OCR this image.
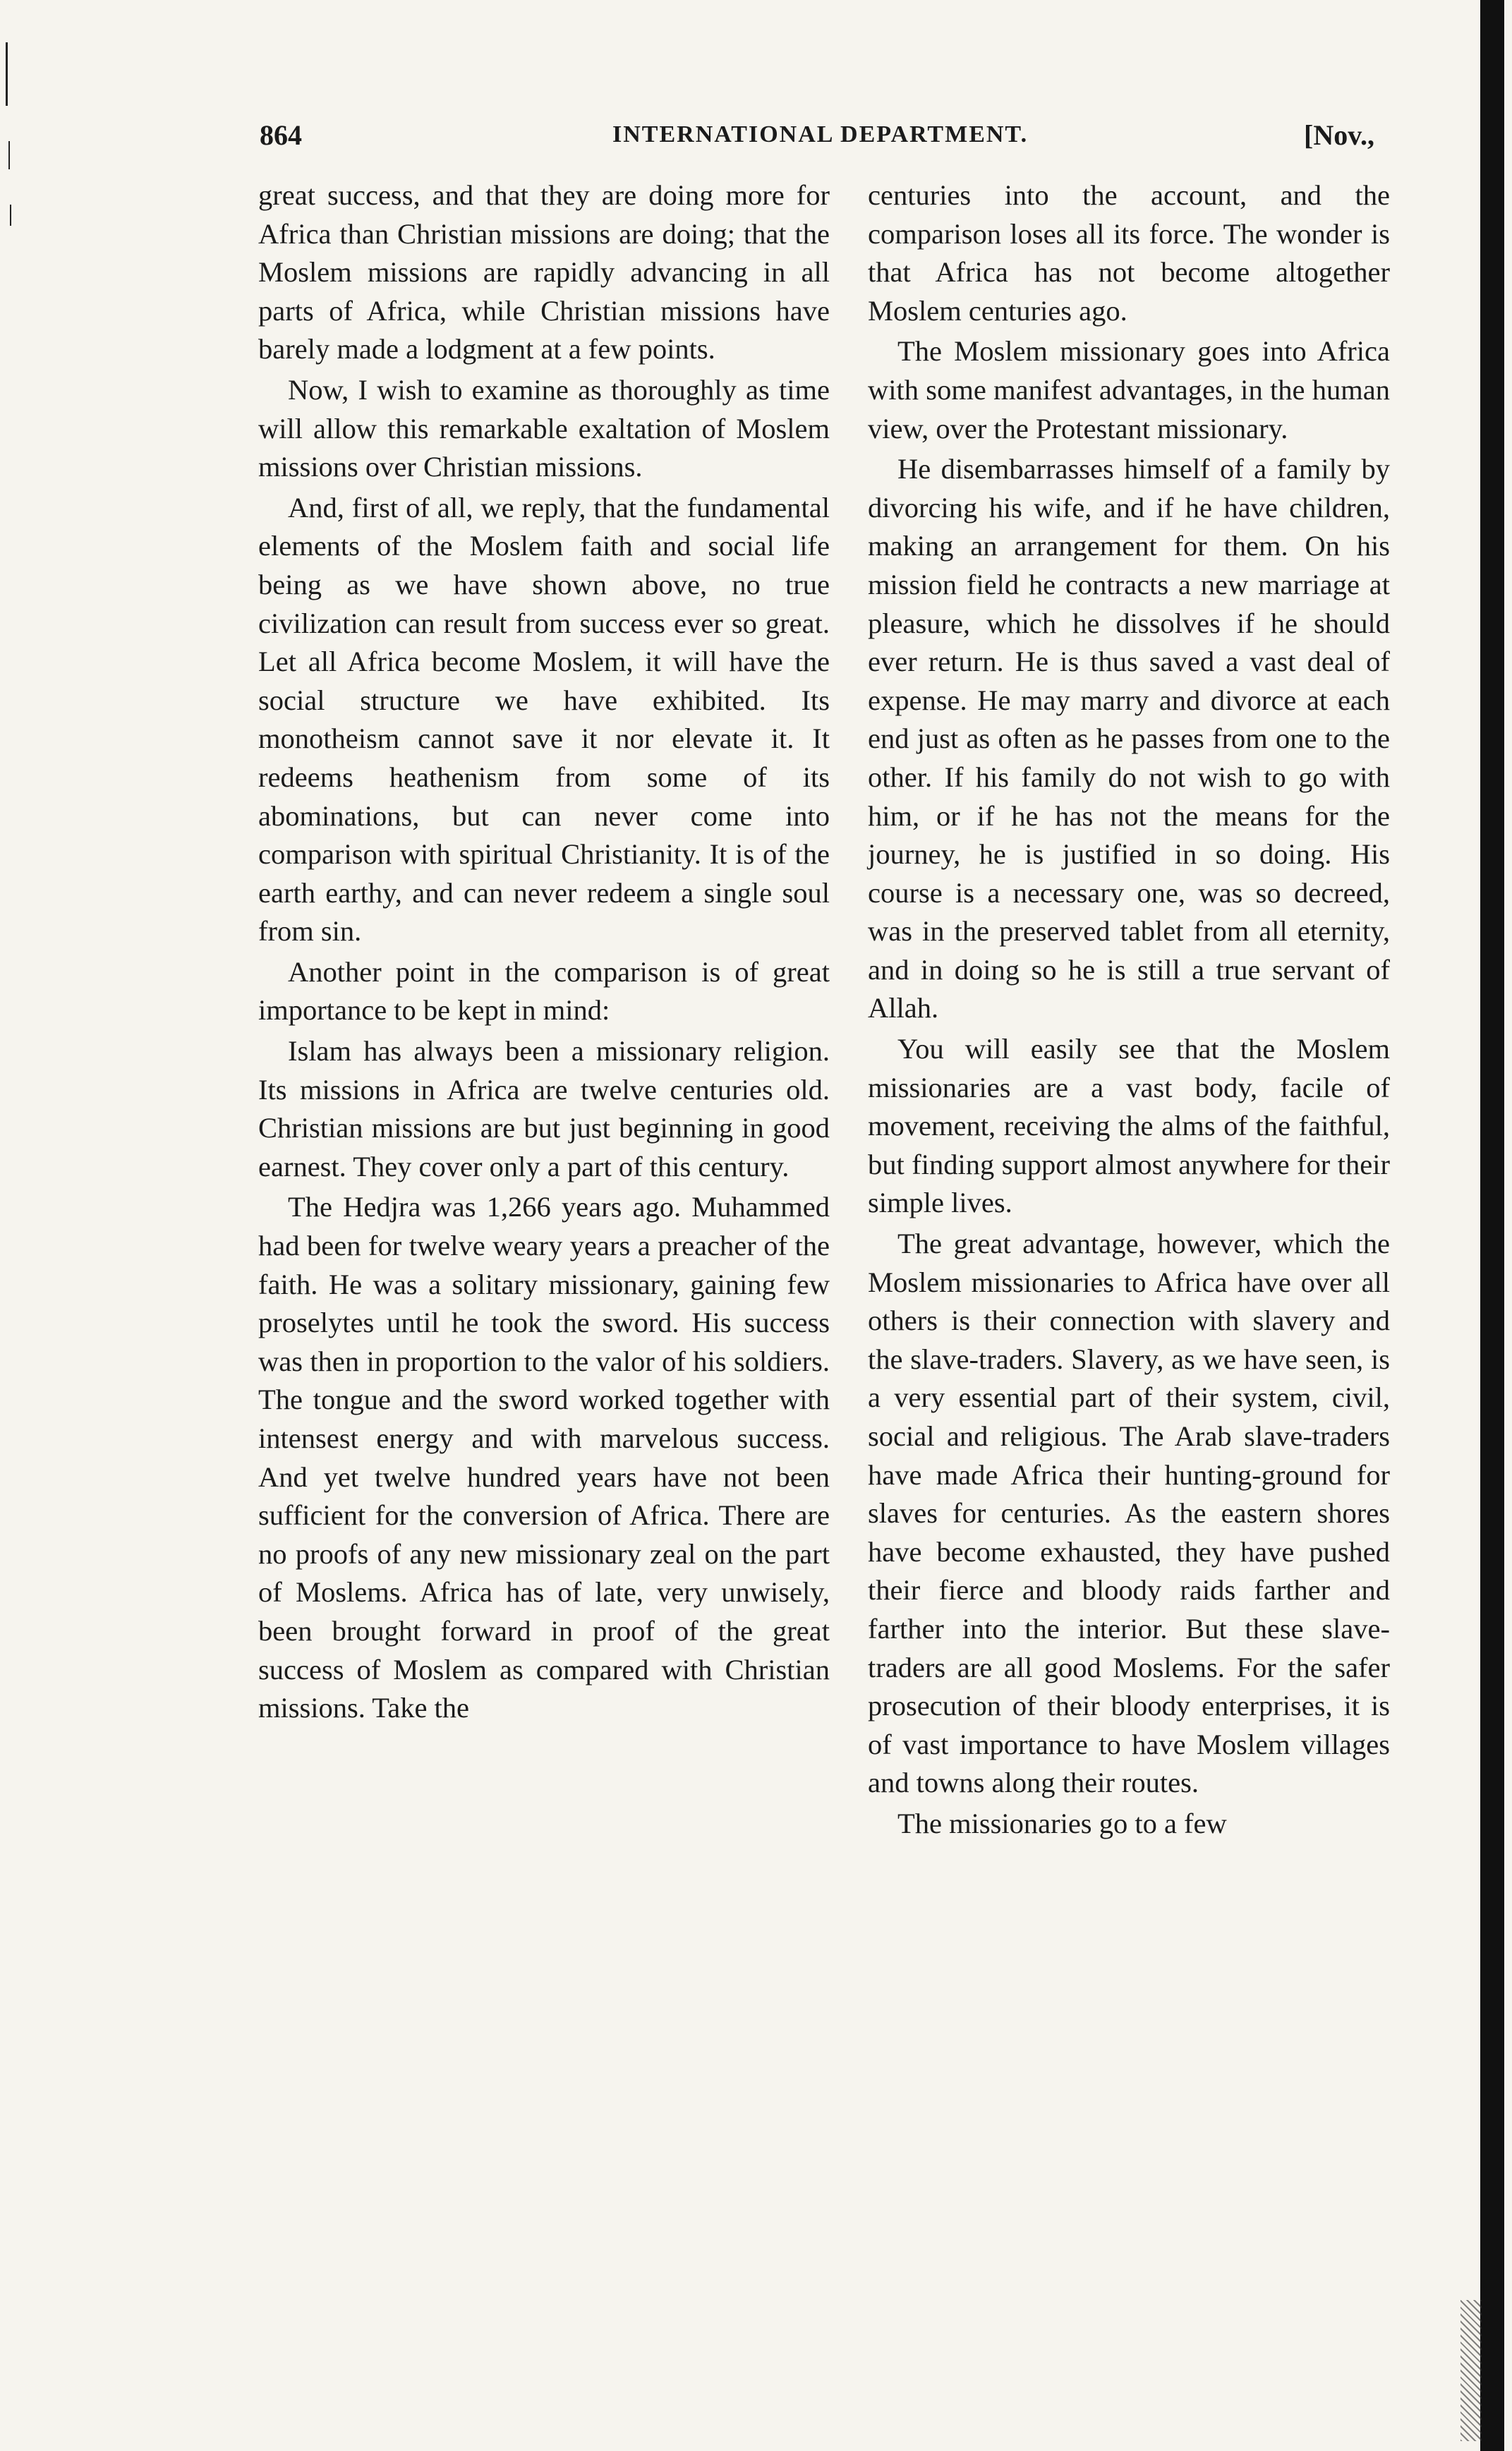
864	INTERNATIONAL DEPARTMENT.	[Nov.,

great success, and that they are doing more for Africa than Christian missions are doing; that the Moslem missions are rapidly advancing in all parts of Africa, while Christian missions have barely made a lodgment at a few points.

Now, I wish to examine as thoroughly as time will allow this remarkable exaltation of Moslem missions over Christian missions.

And, first of all, we reply, that the fundamental elements of the Moslem faith and social life being as we have shown above, no true civilization can result from success ever so great. Let all Africa become Moslem, it will have the social structure we have exhibited. Its monotheism cannot save it nor elevate it. It redeems heathenism from some of its abominations, but can never come into comparison with spiritual Christianity. It is of the earth earthy, and can never redeem a single soul from sin.

Another point in the comparison is of great importance to be kept in mind:

Islam has always been a missionary religion. Its missions in Africa are twelve centuries old. Christian missions are but just beginning in good earnest. They cover only a part of this century.

The Hedjra was 1,266 years ago. Muhammed had been for twelve weary years a preacher of the faith. He was a solitary missionary, gaining few proselytes until he took the sword. His success was then in proportion to the valor of his soldiers. The tongue and the sword worked together with intensest energy and with marvelous success. And yet twelve hundred years have not been sufficient for the conversion of Africa. There are no proofs of any new missionary zeal on the part of Moslems. Africa has of late, very unwisely, been brought forward in proof of the great success of Moslem as compared with Christian missions. Take the

centuries into the account, and the comparison loses all its force. The wonder is that Africa has not become altogether Moslem centuries ago.

The Moslem missionary goes into Africa with some manifest advantages, in the human view, over the Protestant missionary.

He disembarrasses himself of a family by divorcing his wife, and if he have children, making an arrangement for them. On his mission field he contracts a new marriage at pleasure, which he dissolves if he should ever return. He is thus saved a vast deal of expense. He may marry and divorce at each end just as often as he passes from one to the other. If his family do not wish to go with him, or if he has not the means for the journey, he is justified in so doing. His course is a necessary one, was so decreed, was in the preserved tablet from all eternity, and in doing so he is still a true servant of Allah.

You will easily see that the Moslem missionaries are a vast body, facile of movement, receiving the alms of the faithful, but finding support almost anywhere for their simple lives.

The great advantage, however, which the Moslem missionaries to Africa have over all others is their connection with slavery and the slave-traders. Slavery, as we have seen, is a very essential part of their system, civil, social and religious. The Arab slave-traders have made Africa their hunting-ground for slaves for centuries. As the eastern shores have become exhausted, they have pushed their fierce and bloody raids farther and farther into the interior. But these slave-traders are all good Moslems. For the safer prosecution of their bloody enterprises, it is of vast importance to have Moslem villages and towns along their routes.

The missionaries go to a few
